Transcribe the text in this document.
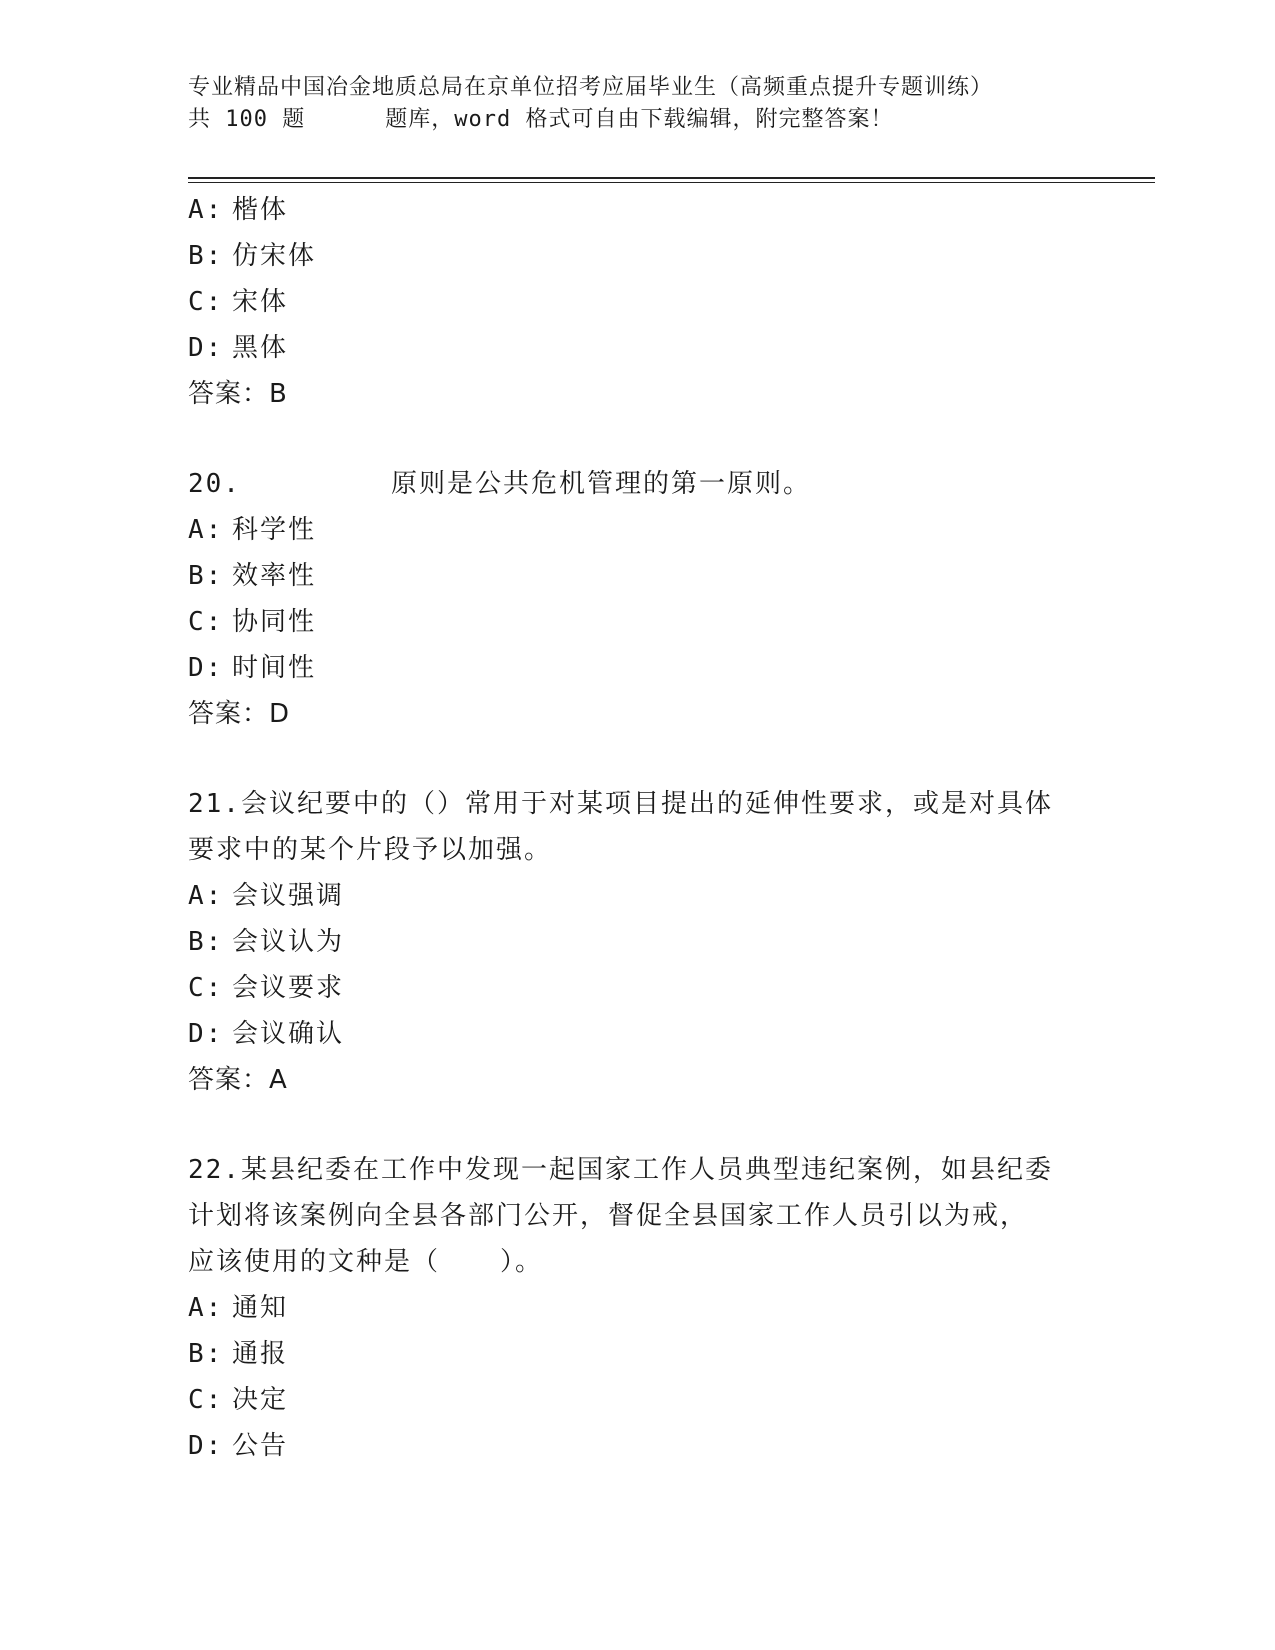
专业精品中国冶金地质总局在京单位招考应届毕业生（高频重点提升专题训练）
共 100 题	题库，word 格式可自由下载编辑，附完整答案！
A: 楷体
B: 仿宋体
C: 宋体
D: 黑体
答案：B
20.	原则是公共危机管理的第一原则。
A: 科学性
B: 效率性
C: 协同性
D: 时间性
答案：D
21.会议纪要中的（）常用于对某项目提出的延伸性要求，或是对具体
要求中的某个片段予以加强。
A: 会议强调
B: 会议认为
C: 会议要求
D: 会议确认
答案：A
22.某县纪委在工作中发现一起国家工作人员典型违纪案例，如县纪委
计划将该案例向全县各部门公开，督促全县国家工作人员引以为戒，
应该使用的文种是（ ）。
A: 通知
B: 通报
C: 决定
D: 公告
